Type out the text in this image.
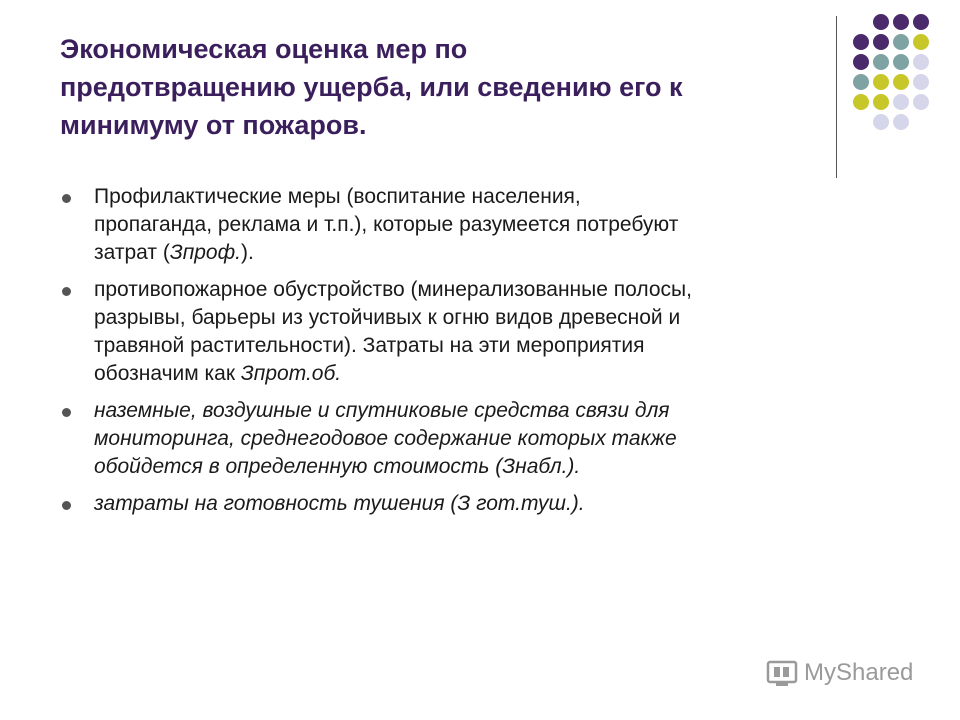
Экономическая оценка мер по
предотвращению ущерба, или сведению его к
минимуму от пожаров.
Профилактические меры (воспитание населения,
пропаганда, реклама и т.п.), которые разумеется потребуют
затрат (Зпроф.).
противопожарное обустройство (минерализованные полосы,
разрывы, барьеры из устойчивых к огню видов древесной и
травяной растительности). Затраты на эти мероприятия
обозначим как Зпрот.об.
наземные, воздушные и спутниковые средства связи для
мониторинга, среднегодовое содержание которых также
обойдется в определенную стоимость (Знабл.).
затраты на готовность тушения (З гот.туш.).
MyShared
